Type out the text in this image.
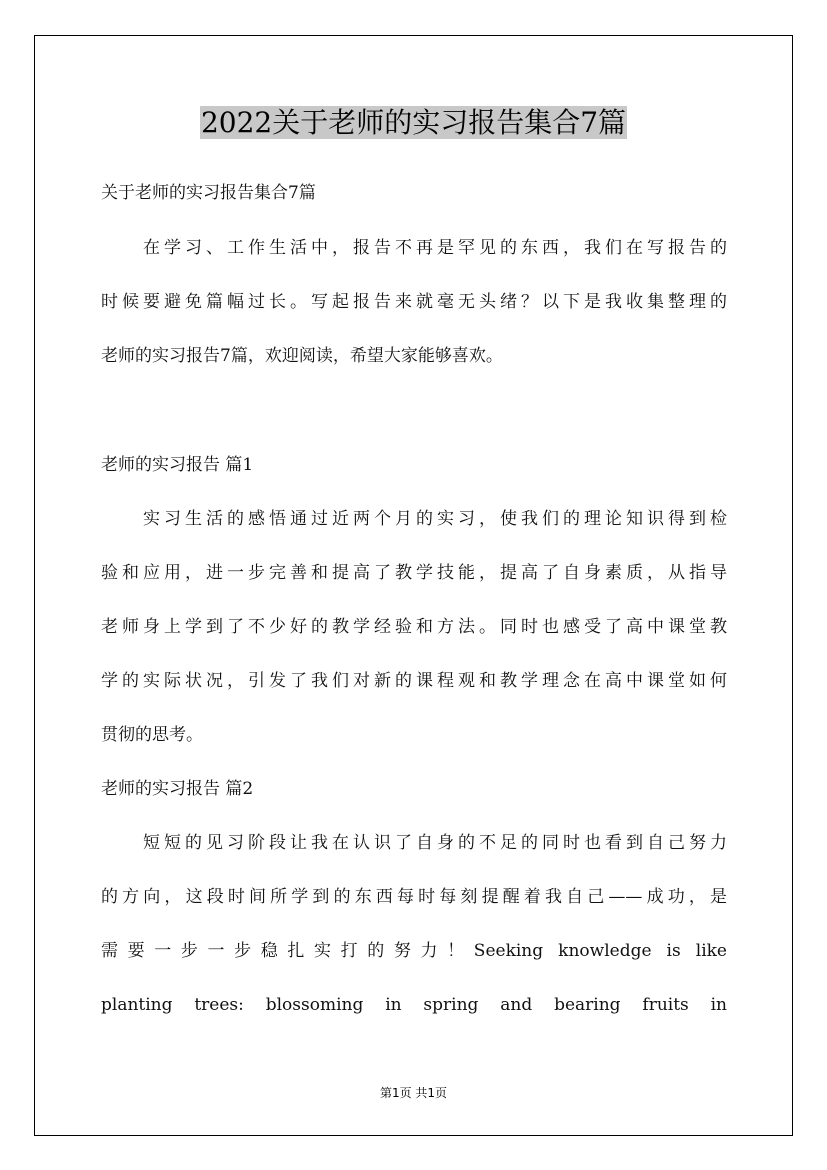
2022关于老师的实习报告集合7篇
关于老师的实习报告集合7篇
在学习、工作生活中，报告不再是罕见的东西，我们在写报告的
时候要避免篇幅过长。写起报告来就毫无头绪？以下是我收集整理的
老师的实习报告7篇，欢迎阅读，希望大家能够喜欢。
老师的实习报告 篇1
实习生活的感悟通过近两个月的实习，使我们的理论知识得到检
验和应用，进一步完善和提高了教学技能，提高了自身素质，从指导
老师身上学到了不少好的教学经验和方法。同时也感受了高中课堂教
学的实际状况，引发了我们对新的课程观和教学理念在高中课堂如何
贯彻的思考。
老师的实习报告 篇2
短短的见习阶段让我在认识了自身的不足的同时也看到自己努力
的方向，这段时间所学到的东西每时每刻提醒着我自己——成功，是
需要一步一步稳扎实打的努力！Seeking knowledge is like
planting trees: blossoming in spring and bearing fruits in
第1页 共1页
